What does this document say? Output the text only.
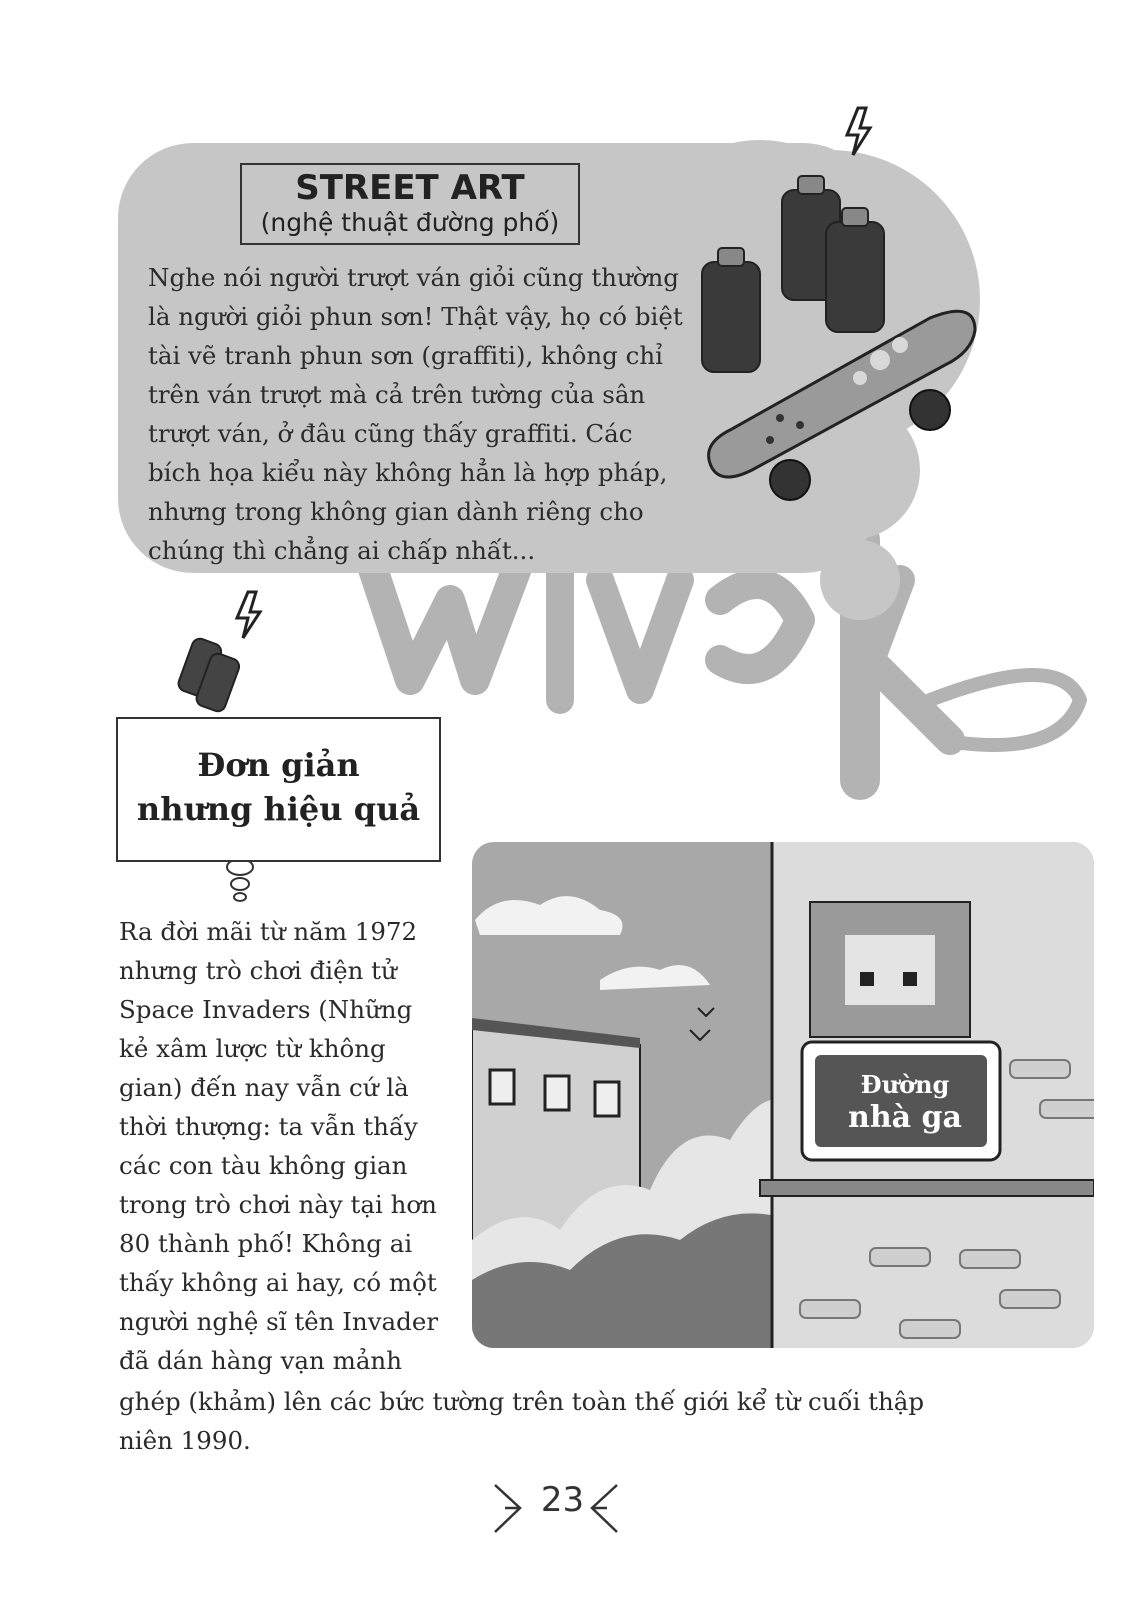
STREET ART
(nghệ thuật đường phố)
Nghe nói người trượt ván giỏi cũng thường
là người giỏi phun sơn! Thật vậy, họ có biệt
tài vẽ tranh phun sơn (graffiti), không chỉ
trên ván trượt mà cả trên tường của sân
trượt ván, ở đâu cũng thấy graffiti. Các
bích họa kiểu này không hẳn là hợp pháp,
nhưng trong không gian dành riêng cho
chúng thì chẳng ai chấp nhất...
Đơn giản
nhưng hiệu quả
Ra đời mãi từ năm 1972
nhưng trò chơi điện tử
Space Invaders (Những
kẻ xâm lược từ không
gian) đến nay vẫn cứ là
thời thượng: ta vẫn thấy
các con tàu không gian
trong trò chơi này tại hơn
80 thành phố! Không ai
thấy không ai hay, có một
người nghệ sĩ tên Invader
đã dán hàng vạn mảnh
ghép (khảm) lên các bức tường trên toàn thế giới kể từ cuối thập
niên 1990.
Đường
nhà ga
23
